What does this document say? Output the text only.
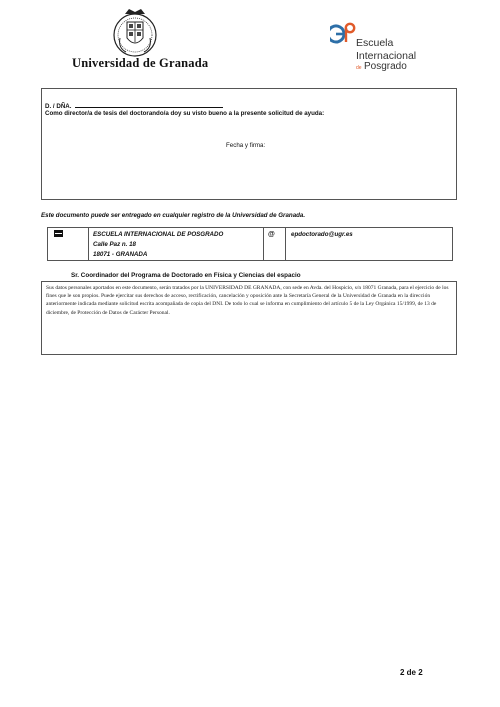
Universidad de Granada
Escuela
Internacional
de Posgrado
D. / DÑA.
Como director/a de tesis del doctorando/a doy su visto bueno a la presente solicitud de ayuda:
Fecha y firma:
Este documento puede ser entregado en cualquier registro de la Universidad de Granada.
ESCUELA INTERNACIONAL DE POSGRADO
Calle Paz n. 18
18071 - GRANADA
@	epdoctorado@ugr.es
Sr. Coordinador del Programa de Doctorado en Física y Ciencias del espacio

Sus datos personales aportados en este documento, serán tratados por la UNIVERSIDAD DE GRANADA, con sede en Avda. del Hospicio, s/n 18071 Granada, para el ejercicio de los fines que le son propios. Puede ejercitar sus derechos de acceso, rectificación, cancelación y oposición ante la Secretaría General de la Universidad de Granada en la dirección anteriormente indicada mediante solicitud escrita acompañada de copia del DNI. De todo lo cual se informa en cumplimiento del artículo 5 de la Ley Orgánica 15/1999, de 13 de diciembre, de Protección de Datos de Carácter Personal.

2 de 2
